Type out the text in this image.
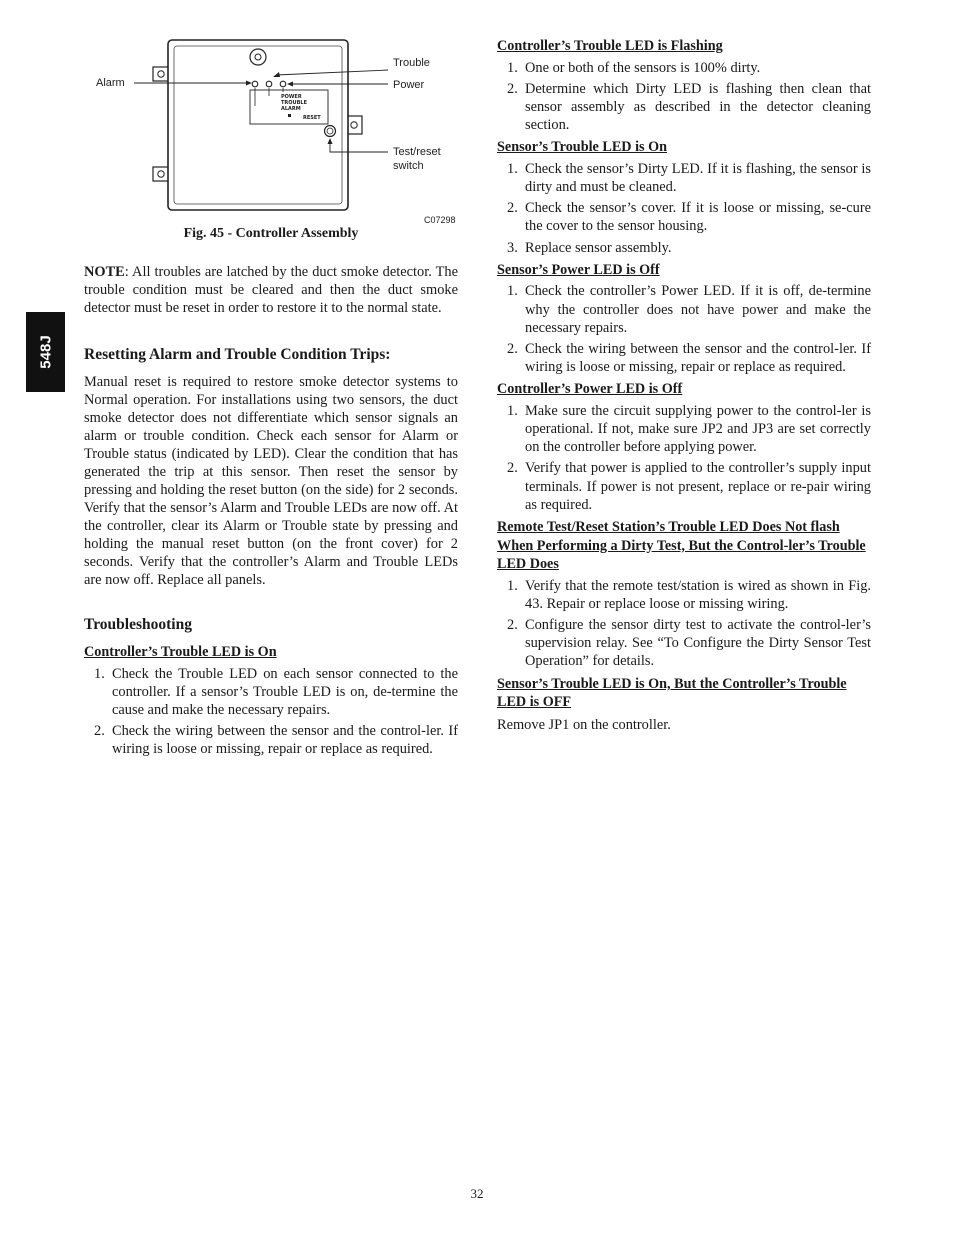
548J
POWER
TROUBLE
ALARM
RESET
Alarm
Trouble
Power
Test/reset
switch
C07298
Fig. 45 - Controller Assembly

NOTE: All troubles are latched by the duct smoke detector. The trouble condition must be cleared and then the duct smoke detector must be reset in order to restore it to the normal state.

Resetting Alarm and Trouble Condition Trips:

Manual reset is required to restore smoke detector systems to Normal operation. For installations using two sensors, the duct smoke detector does not differentiate which sensor signals an alarm or trouble condition. Check each sensor for Alarm or Trouble status (indicated by LED). Clear the condition that has generated the trip at this sensor. Then reset the sensor by pressing and holding the reset button (on the side) for 2 seconds. Verify that the sensor’s Alarm and Trouble LEDs are now off. At the controller, clear its Alarm or Trouble state by pressing and holding the manual reset button (on the front cover) for 2 seconds. Verify that the controller’s Alarm and Trouble LEDs are now off. Replace all panels.

Troubleshooting
Controller’s Trouble LED is On
1. Check the Trouble LED on each sensor connected to the controller. If a sensor’s Trouble LED is on, de-termine the cause and make the necessary repairs.
2. Check the wiring between the sensor and the control-ler. If wiring is loose or missing, repair or replace as required.
Controller’s Trouble LED is Flashing
1. One or both of the sensors is 100% dirty.
2. Determine which Dirty LED is flashing then clean that sensor assembly as described in the detector cleaning section.
Sensor’s Trouble LED is On
1. Check the sensor’s Dirty LED. If it is flashing, the sensor is dirty and must be cleaned.
2. Check the sensor’s cover. If it is loose or missing, se-cure the cover to the sensor housing.
3. Replace sensor assembly.
Sensor’s Power LED is Off
1. Check the controller’s Power LED. If it is off, de-termine why the controller does not have power and make the necessary repairs.
2. Check the wiring between the sensor and the control-ler. If wiring is loose or missing, repair or replace as required.
Controller’s Power LED is Off
1. Make sure the circuit supplying power to the control-ler is operational. If not, make sure JP2 and JP3 are set correctly on the controller before applying power.
2. Verify that power is applied to the controller’s supply input terminals. If power is not present, replace or re-pair wiring as required.
Remote Test/Reset Station’s Trouble LED Does Not flash When Performing a Dirty Test, But the Control-ler’s Trouble LED Does
1. Verify that the remote test/station is wired as shown in Fig. 43. Repair or replace loose or missing wiring.
2. Configure the sensor dirty test to activate the control-ler’s supervision relay. See “To Configure the Dirty Sensor Test Operation” for details.
Sensor’s Trouble LED is On, But the Controller’s Trouble LED is OFF

Remove JP1 on the controller.

32
